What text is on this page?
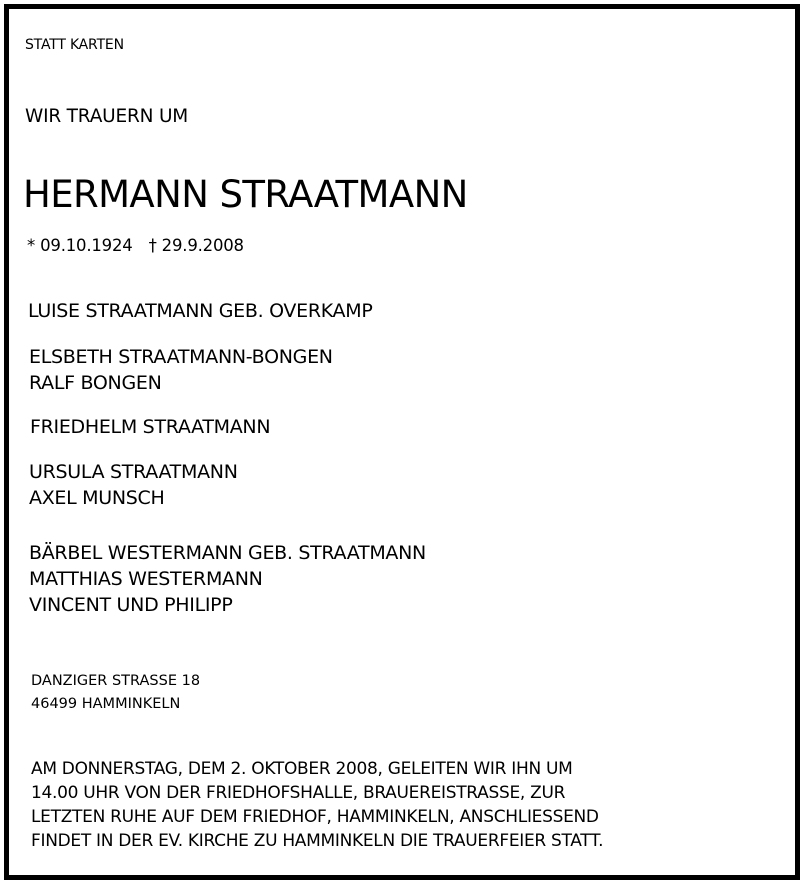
STATT KARTEN

WIR TRAUERN UM

HERMANN STRAATMANN

* 09.10.1924 † 29.9.2008

LUISE STRAATMANN GEB. OVERKAMP
ELSBETH STRAATMANN-BONGEN
RALF BONGEN
FRIEDHELM STRAATMANN
URSULA STRAATMANN
AXEL MUNSCH
BÄRBEL WESTERMANN GEB. STRAATMANN
MATTHIAS WESTERMANN
VINCENT UND PHILIPP
DANZIGER STRASSE 18
46499 HAMMINKELN
AM DONNERSTAG, DEM 2. OKTOBER 2008, GELEITEN WIR IHN UM
14.00 UHR VON DER FRIEDHOFSHALLE, BRAUEREISTRASSE, ZUR
LETZTEN RUHE AUF DEM FRIEDHOF, HAMMINKELN, ANSCHLIESSEND
FINDET IN DER EV. KIRCHE ZU HAMMINKELN DIE TRAUERFEIER STATT.
